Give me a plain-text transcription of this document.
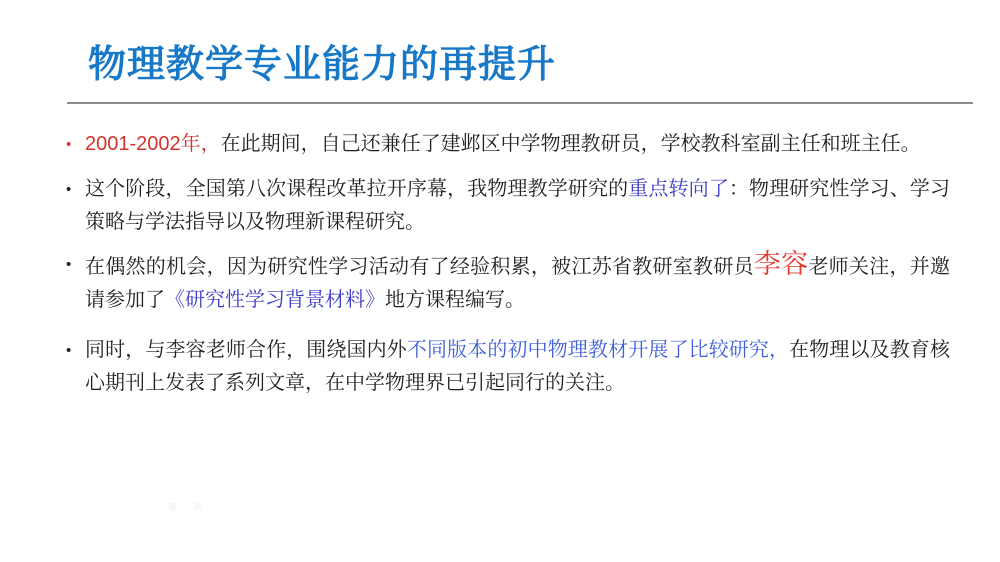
物理教学专业能力的再提升
• 2001-2002年，在此期间，自己还兼任了建邺区中学物理教研员，学校教科室副主任和班主任。
• 这个阶段，全国第八次课程改革拉开序幕，我物理教学研究的重点转向了：物理研究性学习、学习策略与学法指导以及物理新课程研究。
• 在偶然的机会，因为研究性学习活动有了经验积累，被江苏省教研室教研员李容老师关注，并邀请参加了《研究性学习背景材料》地方课程编写。
• 同时，与李容老师合作，围绕国内外不同版本的初中物理教材开展了比较研究，在物理以及教育核心期刊上发表了系列文章，在中学物理界已引起同行的关注。
